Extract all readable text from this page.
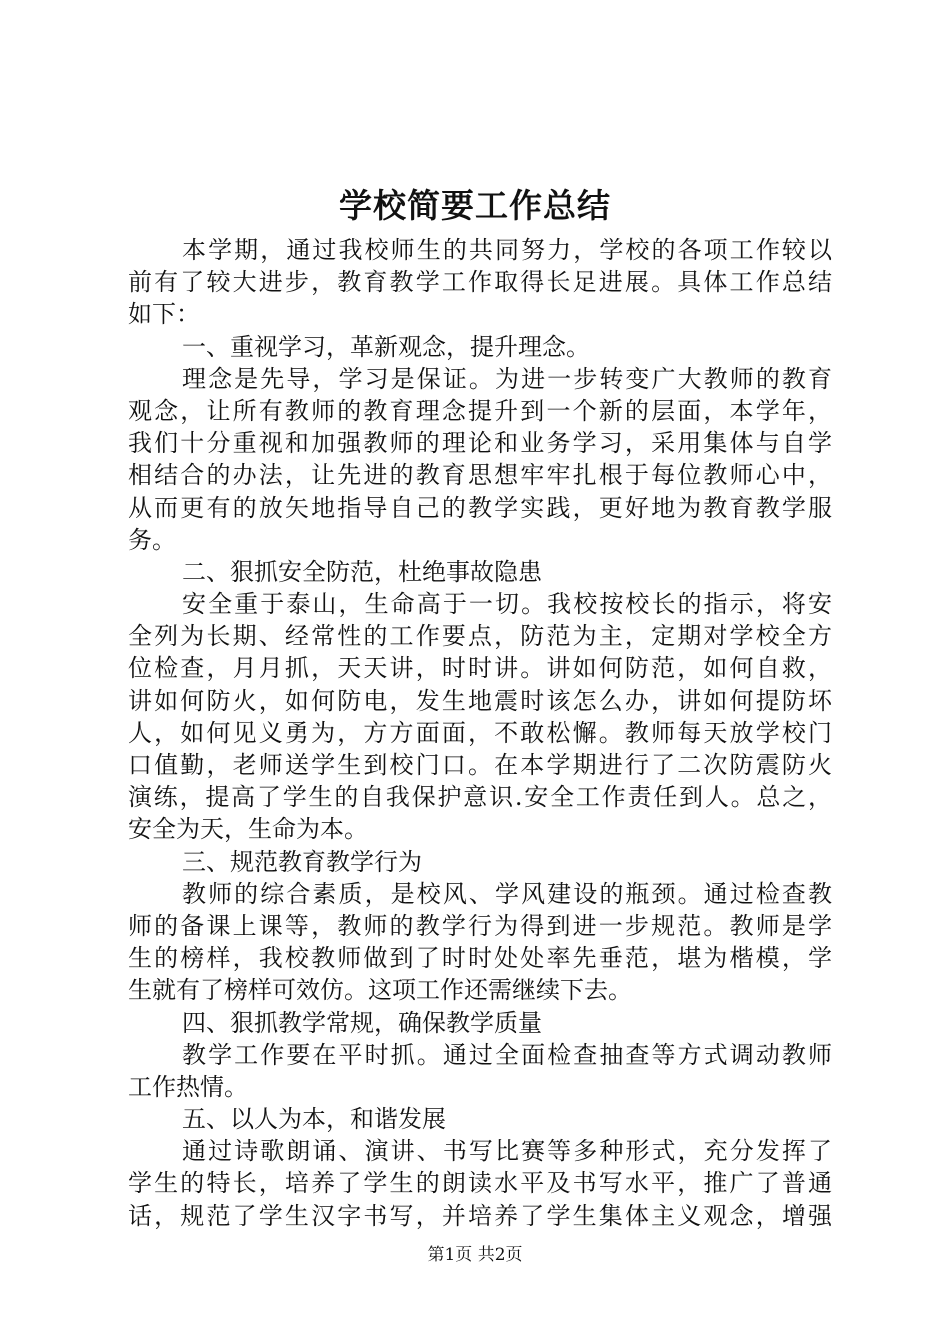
学校简要工作总结
本学期，通过我校师生的共同努力，学校的各项工作较以
前有了较大进步，教育教学工作取得长足进展。具体工作总结
如下：
一、重视学习，革新观念，提升理念。
理念是先导，学习是保证。为进一步转变广大教师的教育
观念，让所有教师的教育理念提升到一个新的层面，本学年，
我们十分重视和加强教师的理论和业务学习，采用集体与自学
相结合的办法，让先进的教育思想牢牢扎根于每位教师心中，
从而更有的放矢地指导自己的教学实践，更好地为教育教学服
务。
二、狠抓安全防范，杜绝事故隐患
安全重于泰山，生命高于一切。我校按校长的指示，将安
全列为长期、经常性的工作要点，防范为主，定期对学校全方
位检查，月月抓，天天讲，时时讲。讲如何防范，如何自救，
讲如何防火，如何防电，发生地震时该怎么办，讲如何提防坏
人，如何见义勇为，方方面面，不敢松懈。教师每天放学校门
口值勤，老师送学生到校门口。在本学期进行了二次防震防火
演练，提高了学生的自我保护意识.安全工作责任到人。总之，
安全为天，生命为本。
三、规范教育教学行为
教师的综合素质，是校风、学风建设的瓶颈。通过检查教
师的备课上课等，教师的教学行为得到进一步规范。教师是学
生的榜样，我校教师做到了时时处处率先垂范，堪为楷模，学
生就有了榜样可效仿。这项工作还需继续下去。
四、狠抓教学常规，确保教学质量
教学工作要在平时抓。通过全面检查抽查等方式调动教师
工作热情。
五、以人为本，和谐发展
通过诗歌朗诵、演讲、书写比赛等多种形式，充分发挥了
学生的特长，培养了学生的朗读水平及书写水平，推广了普通
话，规范了学生汉字书写，并培养了学生集体主义观念，增强
第1页 共2页
